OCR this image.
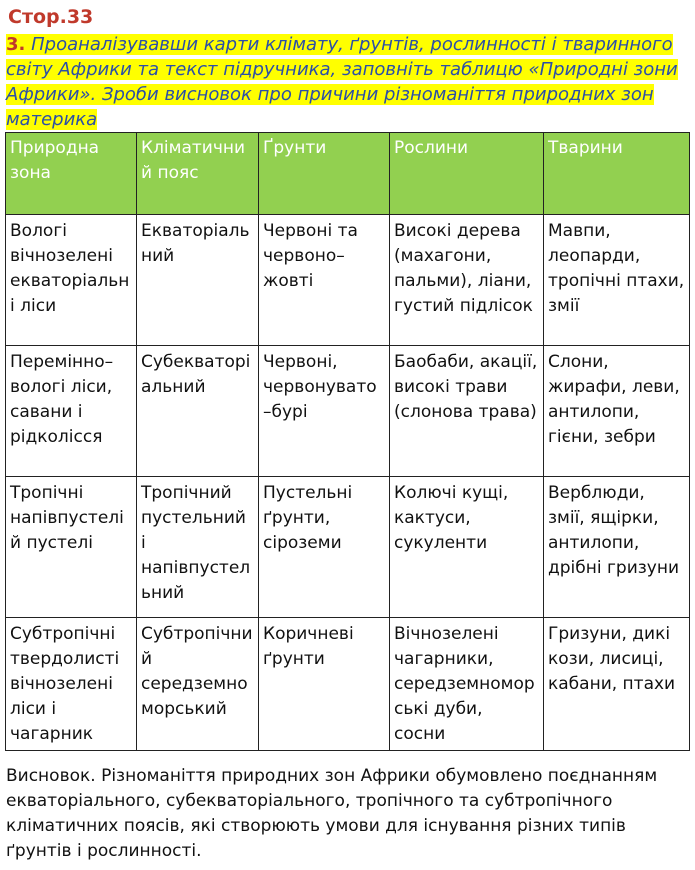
Стор.33
3. Проаналізувавши карти клімату, ґрунтів, рослинності і тваринного світу Африки та текст підручника, заповніть таблицю «Природні зони Африки». Зроби висновок про причини різноманіття природних зон материка
Природна зона	Кліматичний пояс	Ґрунти	Рослини	Тварини
Вологі вічнозелені екваторіальні ліси	Екваторіальний	Червоні та червоно–жовті	Високі дерева (махагони, пальми), ліани, густий підлісок	Мавпи, леопарди, тропічні птахи, змії
Перемінно–вологі ліси, савани і рідколісся	Субекваторіальний	Червоні, червонувато–бурі	Баобаби, акації, високі трави (слонова трава)	Слони, жирафи, леви, антилопи, гієни, зебри
Тропічні напівпустелі й пустелі	Тропічний пустельний і напівпустельний	Пустельні ґрунти, сіроземи	Колючі кущі, кактуси, сукуленти	Верблюди, змії, ящірки, антилопи, дрібні гризуни
Субтропічні твердолисті вічнозелені ліси і чагарник	Субтропічний середземноморський	Коричневі ґрунти	Вічнозелені чагарники, середземноморські дуби, сосни	Гризуни, дикі кози, лисиці, кабани, птахи
Висновок. Різноманіття природних зон Африки обумовлено поєднанням екваторіального, субекваторіального, тропічного та субтропічного кліматичних поясів, які створюють умови для існування різних типів ґрунтів і рослинності.
